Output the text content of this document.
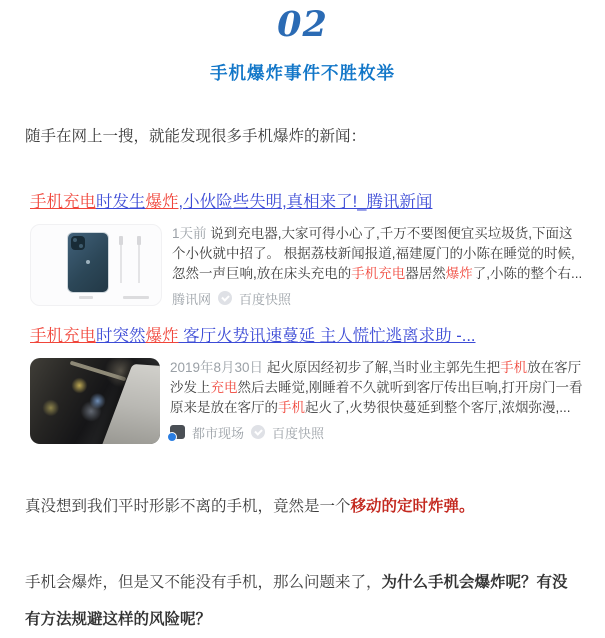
02
手机爆炸事件不胜枚举

随手在网上一搜，就能发现很多手机爆炸的新闻：

手机充电时发生爆炸,小伙险些失明,真相来了!_腾讯新闻
1天前 说到充电器,大家可得小心了,千万不要图便宜买垃圾货,下面这个小伙就中招了。 根据荔枝新闻报道,福建厦门的小陈在睡觉的时候,忽然一声巨响,放在床头充电的手机充电器居然爆炸了,小陈的整个右...
腾讯网 百度快照
手机充电时突然爆炸 客厅火势讯速蔓延 主人慌忙逃离求助 -...
2019年8月30日 起火原因经初步了解,当时业主郭先生把手机放在客厅沙发上充电然后去睡觉,刚睡着不久就听到客厅传出巨响,打开房门一看原来是放在客厅的手机起火了,火势很快蔓延到整个客厅,浓烟弥漫,...
都市现场 百度快照

真没想到我们平时形影不离的手机，竟然是一个移动的定时炸弹。

手机会爆炸，但是又不能没有手机，那么问题来了，为什么手机会爆炸呢？有没有方法规避这样的风险呢？
